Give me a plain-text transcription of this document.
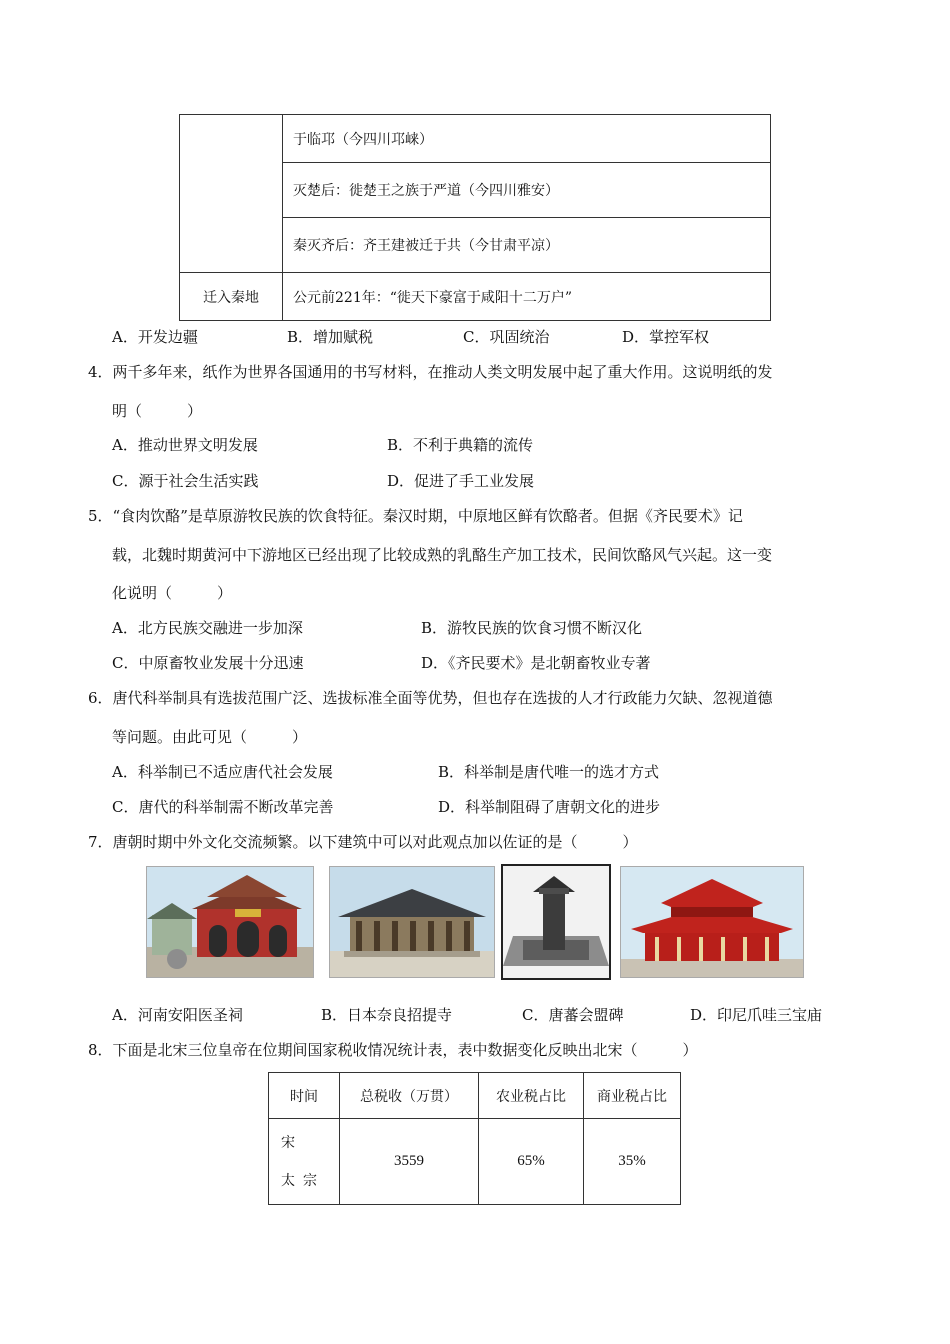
	于临邛（今四川邛崃）
	灭楚后：徙楚王之族于严道（今四川雅安）
	秦灭齐后：齐王建被迁于共（今甘肃平凉）
迁入秦地	公元前221年：“徙天下豪富于咸阳十二万户”
A．开发边疆	B．增加赋税	C．巩固统治	D．掌控军权
4．两千多年来，纸作为世界各国通用的书写材料，在推动人类文明发展中起了重大作用。这说明纸的发
明（　　　）
A．推动世界文明发展	B．不利于典籍的流传
C．源于社会生活实践	D．促进了手工业发展
5．“食肉饮酪”是草原游牧民族的饮食特征。秦汉时期，中原地区鲜有饮酪者。但据《齐民要术》记
载，北魏时期黄河中下游地区已经出现了比较成熟的乳酪生产加工技术，民间饮酪风气兴起。这一变
化说明（　　　）
A．北方民族交融进一步加深	B．游牧民族的饮食习惯不断汉化
C．中原畜牧业发展十分迅速	D．《齐民要术》是北朝畜牧业专著
6．唐代科举制具有选拔范围广泛、选拔标准全面等优势，但也存在选拔的人才行政能力欠缺、忽视道德
等问题。由此可见（　　　）
A．科举制已不适应唐代社会发展	B．科举制是唐代唯一的选才方式
C．唐代的科举制需不断改革完善	D．科举制阻碍了唐朝文化的进步
7．唐朝时期中外文化交流频繁。以下建筑中可以对此观点加以佐证的是（　　　）
A．河南安阳医圣祠	B．日本奈良招提寺	C．唐蕃会盟碑	D．印尼爪哇三宝庙
8．下面是北宋三位皇帝在位期间国家税收情况统计表，表中数据变化反映出北宋（　　　）
时间	总税收（万贯）	农业税占比	商业税占比
宋　太宗	3559	65%	35%
